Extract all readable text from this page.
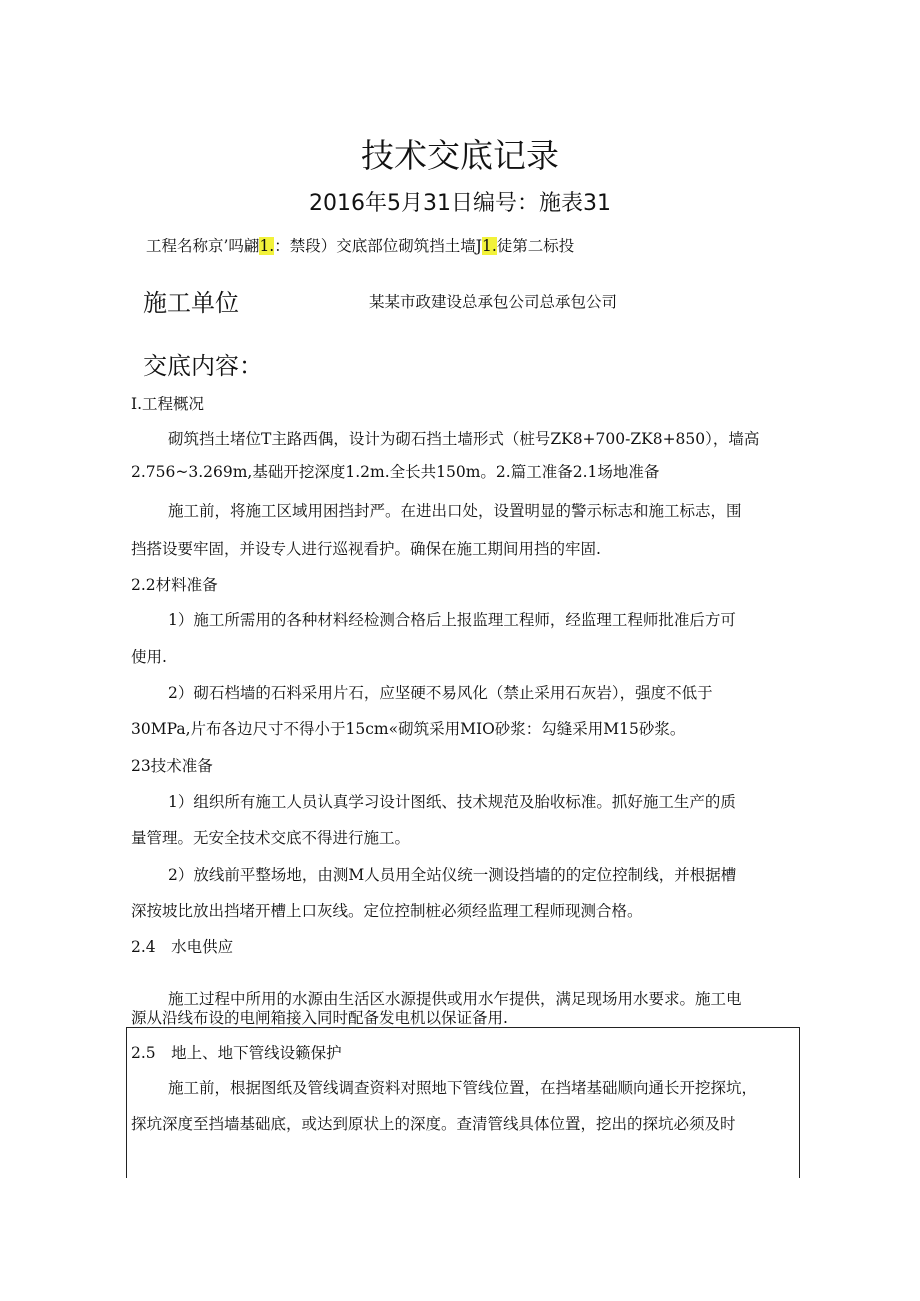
技术交底记录
2016年5月31日编号：施表31
工程名称京’吗翩1.：禁段）交底部位砌筑挡土墙J1.徒第二标投
施工单位	某某市政建设总承包公司总承包公司
交底内容：
I.工程概况
砌筑挡土堵位T主路西偶，设计为砌石挡土墙形式（桩号ZK8+700-ZK8+850），墙高
2.756~3.269m,基础开挖深度1.2m.全长共150m。2.篇工准备2.1场地准备
施工前，将施工区域用困挡封严。在进出口处，设置明显的警示标志和施工标志，围
挡搭设要牢固，并设专人进行巡视看护。确保在施工期间用挡的牢固.
2.2材料准备
1）施工所需用的各种材料经检测合格后上报监理工程师，经监理工程师批准后方可
使用.
2）砌石档墙的石料采用片石，应坚硬不易风化（禁止采用石灰岩），强度不低于
30MPa,片布各边尺寸不得小于15cm«砌筑采用MIO砂浆：勾缝采用M15砂浆。
23技术准备
1）组织所有施工人员认真学习设计图纸、技术规范及胎收标准。抓好施工生产的质
量管理。无安全技术交底不得进行施工。
2）放线前平整场地，由测M人员用全站仪统一测设挡墙的的定位控制线，并根据槽
深按坡比放出挡堵开槽上口灰线。定位控制桩必须经监理工程师现测合格。
2.4　水电供应
施工过程中所用的水源由生活区水源提供或用水乍提供，满足现场用水要求。施工电
源从沿线布设的电闸箱接入同时配备发电机以保证备用.
2.5　地上、地下管线设籁保护
施工前，根据图纸及管线调查资料对照地下管线位置，在挡堵基础顺向通长开挖探坑，
探坑深度至挡墙基础底，或达到原状上的深度。查清管线具体位置，挖出的探坑必须及时
